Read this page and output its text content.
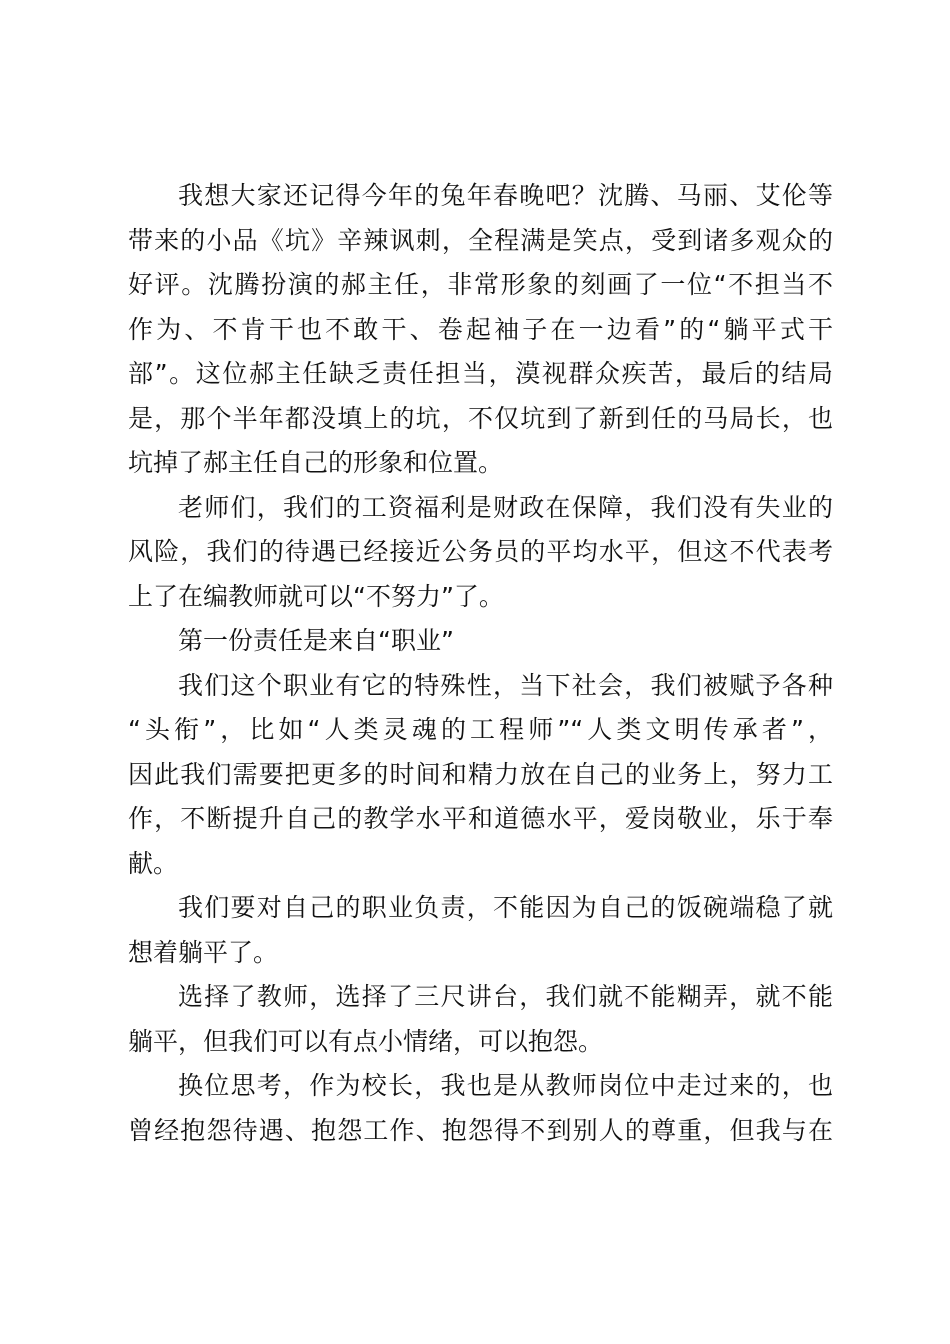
我想大家还记得今年的兔年春晚吧？沈腾、马丽、艾伦等
带来的小品《坑》辛辣讽刺，全程满是笑点，受到诸多观众的
好评。沈腾扮演的郝主任，非常形象的刻画了一位“不担当不
作为、不肯干也不敢干、卷起袖子在一边看”的“躺平式干
部”。这位郝主任缺乏责任担当，漠视群众疾苦，最后的结局
是，那个半年都没填上的坑，不仅坑到了新到任的马局长，也
坑掉了郝主任自己的形象和位置。
老师们，我们的工资福利是财政在保障，我们没有失业的
风险，我们的待遇已经接近公务员的平均水平，但这不代表考
上了在编教师就可以“不努力”了。
第一份责任是来自“职业”
我们这个职业有它的特殊性，当下社会，我们被赋予各种
“头衔”，比如“人类灵魂的工程师”“人类文明传承者”，
因此我们需要把更多的时间和精力放在自己的业务上，努力工
作，不断提升自己的教学水平和道德水平，爱岗敬业，乐于奉
献。
我们要对自己的职业负责，不能因为自己的饭碗端稳了就
想着躺平了。
选择了教师，选择了三尺讲台，我们就不能糊弄，就不能
躺平，但我们可以有点小情绪，可以抱怨。
换位思考，作为校长，我也是从教师岗位中走过来的，也
曾经抱怨待遇、抱怨工作、抱怨得不到别人的尊重，但我与在
